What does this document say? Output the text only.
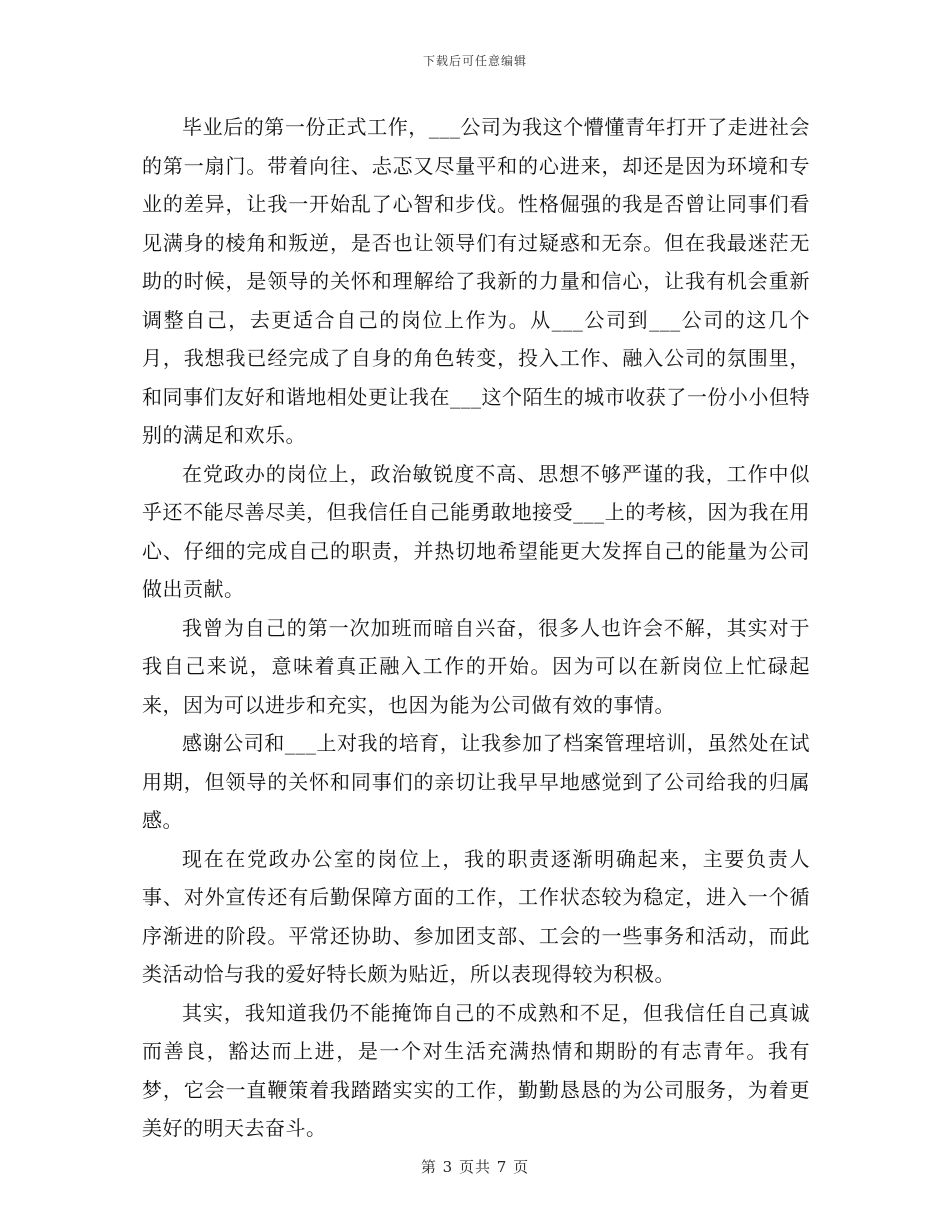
下载后可任意编辑

毕业后的第一份正式工作，___公司为我这个懵懂青年打开了走进社会的第一扇门。带着向往、忐忑又尽量平和的心进来，却还是因为环境和专业的差异，让我一开始乱了心智和步伐。性格倔强的我是否曾让同事们看见满身的棱角和叛逆，是否也让领导们有过疑惑和无奈。但在我最迷茫无助的时候，是领导的关怀和理解给了我新的力量和信心，让我有机会重新调整自己，去更适合自己的岗位上作为。从___公司到___公司的这几个月，我想我已经完成了自身的角色转变，投入工作、融入公司的氛围里，和同事们友好和谐地相处更让我在___这个陌生的城市收获了一份小小但特别的满足和欢乐。

在党政办的岗位上，政治敏锐度不高、思想不够严谨的我，工作中似乎还不能尽善尽美，但我信任自己能勇敢地接受___上的考核，因为我在用心、仔细的完成自己的职责，并热切地希望能更大发挥自己的能量为公司做出贡献。

我曾为自己的第一次加班而暗自兴奋，很多人也许会不解，其实对于我自己来说，意味着真正融入工作的开始。因为可以在新岗位上忙碌起来，因为可以进步和充实，也因为能为公司做有效的事情。

感谢公司和___上对我的培育，让我参加了档案管理培训，虽然处在试用期，但领导的关怀和同事们的亲切让我早早地感觉到了公司给我的归属感。

现在在党政办公室的岗位上，我的职责逐渐明确起来，主要负责人事、对外宣传还有后勤保障方面的工作，工作状态较为稳定，进入一个循序渐进的阶段。平常还协助、参加团支部、工会的一些事务和活动，而此类活动恰与我的爱好特长颇为贴近，所以表现得较为积极。

其实，我知道我仍不能掩饰自己的不成熟和不足，但我信任自己真诚而善良，豁达而上进，是一个对生活充满热情和期盼的有志青年。我有梦，它会一直鞭策着我踏踏实实的工作，勤勤恳恳的为公司服务，为着更美好的明天去奋斗。

第 3 页共 7 页
